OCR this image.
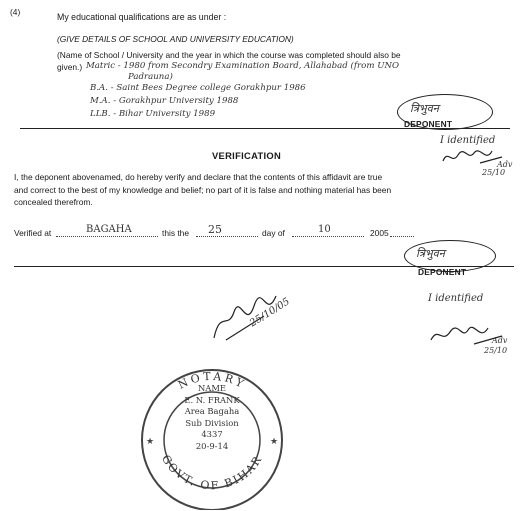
(4)	My educational qualifications are as under :
(GIVE DETAILS OF SCHOOL AND UNIVERSITY EDUCATION)
(Name of School / University and the year in which the course was completed should also be
given.) Matric - 1980 from Secondry Examination Board, Allahabad (from UNO
Padrauna)
B.A. - Saint Bees Degree college Gorakhpur 1986
M.A. - Gorakhpur University 1988
LLB. - Bihar University 1989	त्रिभुवन
DEPONENT
I identified
Adv
25/10
VERIFICATION
I, the deponent abovenamed, do hereby verify and declare that the contents of this affidavit are true
and correct to the best of my knowledge and belief; no part of it is false and nothing material has been
concealed therefrom.
Verified at	BAGAHA	this the 25	day of	10	2005
त्रिभुवन
DEPONENT
I identified
Adv
25/10
25/10/05
NOTARY
GOVT. OF BIHAR
★	★
NAME
E. N. FRANK
Area Bagaha
Sub Division
4337
20-9-14
